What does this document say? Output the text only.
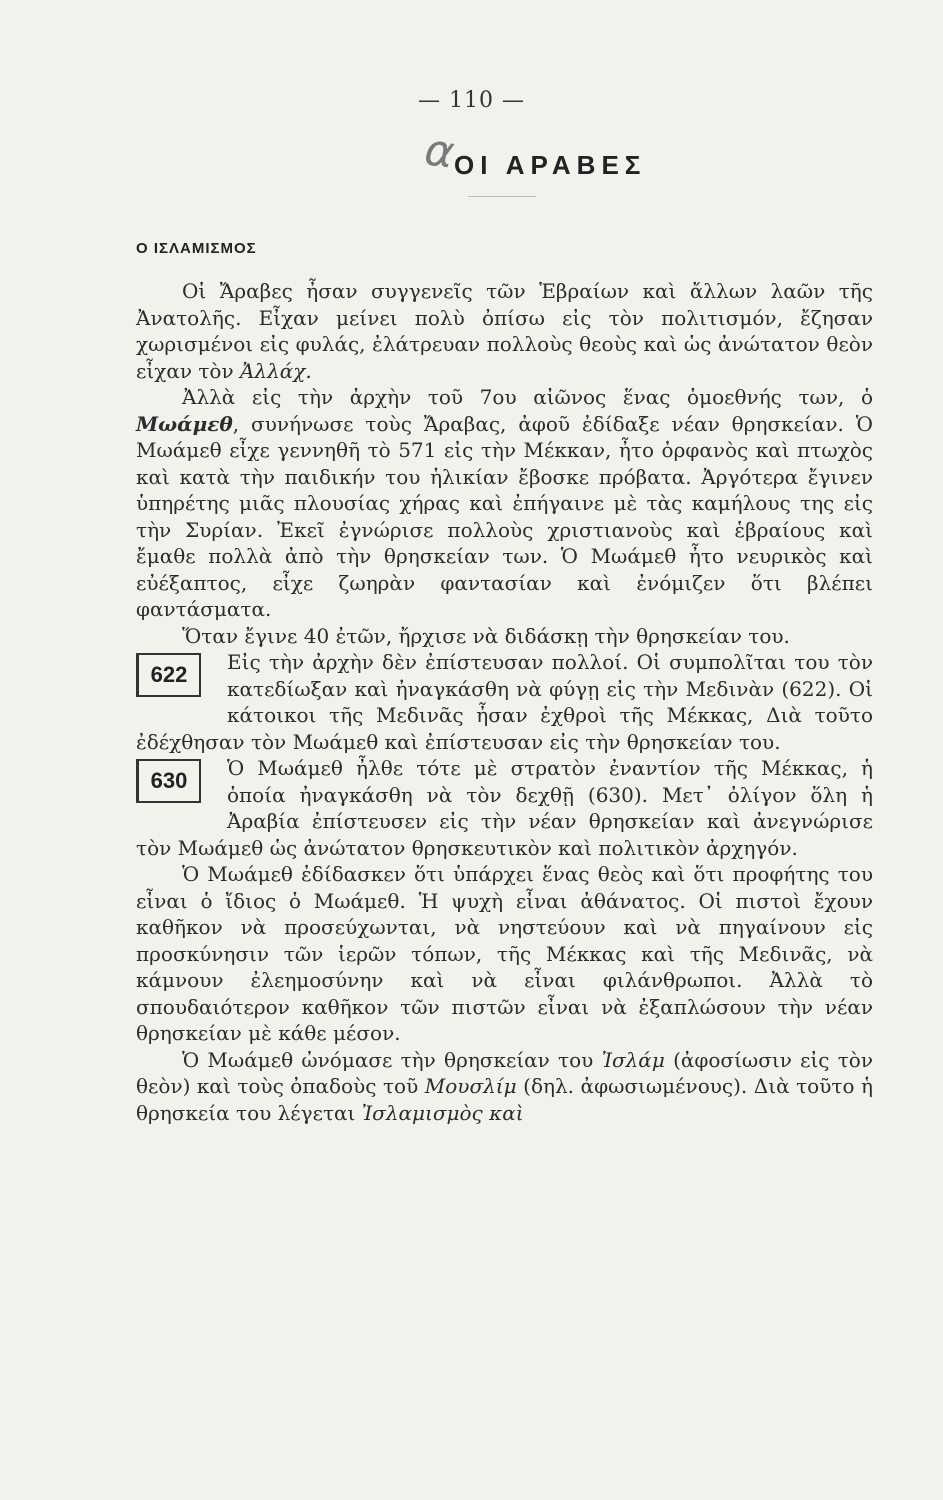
— 110 —
α
ΟΙ ΑΡΑΒΕΣ
Ο ΙΣΛΑΜΙΣΜΟΣ

Οἱ Ἄραβες ἦσαν συγγενεῖς τῶν Ἑβραίων καὶ ἄλλων λαῶν τῆς Ἀνατολῆς. Εἶχαν μείνει πολὺ ὀπίσω εἰς τὸν πολιτισμόν, ἔζησαν χωρισμένοι εἰς φυλάς, ἐλάτρευαν πολλοὺς θεοὺς καὶ ὡς ἀνώτατον θεὸν εἶχαν τὸν Ἀλλάχ.

Ἀλλὰ εἰς τὴν ἀρχὴν τοῦ 7ου αἰῶνος ἕνας ὁμοεθνής των, ὁ Μωάμεθ, συνήνωσε τοὺς Ἄραβας, ἀφοῦ ἐδίδαξε νέαν θρησκείαν. Ὁ Μωάμεθ εἶχε γεννηθῆ τὸ 571 εἰς τὴν Μέκκαν, ἦτο ὀρφανὸς καὶ πτωχὸς καὶ κατὰ τὴν παιδικήν του ἡλικίαν ἔβοσκε πρόβατα. Ἀργότερα ἔγινεν ὑπηρέτης μιᾶς πλουσίας χήρας καὶ ἐπήγαινε μὲ τὰς καμήλους της εἰς τὴν Συρίαν. Ἐκεῖ ἐγνώρισε πολλοὺς χριστιανοὺς καὶ ἑβραίους καὶ ἔμαθε πολλὰ ἀπὸ τὴν θρησκείαν των. Ὁ Μωάμεθ ἦτο νευρικὸς καὶ εὐέξαπτος, εἶχε ζωηρὰν φαντασίαν καὶ ἐνόμιζεν ὅτι βλέπει φαντάσματα.

Ὅταν ἔγινε 40 ἐτῶν, ἤρχισε νὰ διδάσκῃ τὴν θρησκείαν του.

622	Εἰς τὴν ἀρχὴν δὲν ἐπίστευσαν πολλοί. Οἱ συμπολῖται του τὸν κατεδίωξαν καὶ ἠναγκάσθη νὰ φύγῃ εἰς τὴν Μεδινὰν (622). Οἱ κάτοικοι τῆς Μεδινᾶς ἦσαν ἐχθροὶ τῆς Μέκκας, Διὰ τοῦτο ἐδέχθησαν τὸν Μωάμεθ καὶ ἐπίστευσαν εἰς τὴν θρησκείαν του.

630	Ὁ Μωάμεθ ἦλθε τότε μὲ στρατὸν ἐναντίον τῆς Μέκκας, ἡ ὁποία ἠναγκάσθη νὰ τὸν δεχθῇ (630). Μετ᾽ ὀλίγον ὅλη ἡ Ἀραβία ἐπίστευσεν εἰς τὴν νέαν θρησκείαν καὶ ἀνεγνώρισε τὸν Μωάμεθ ὡς ἀνώτατον θρησκευτικὸν καὶ πολιτικὸν ἀρχηγόν.

Ὁ Μωάμεθ ἐδίδασκεν ὅτι ὑπάρχει ἕνας θεὸς καὶ ὅτι προφήτης του εἶναι ὁ ἴδιος ὁ Μωάμεθ. Ἡ ψυχὴ εἶναι ἀθάνατος. Οἱ πιστοὶ ἔχουν καθῆκον νὰ προσεύχωνται, νὰ νηστεύουν καὶ νὰ πηγαίνουν εἰς προσκύνησιν τῶν ἱερῶν τόπων, τῆς Μέκκας καὶ τῆς Μεδινᾶς, νὰ κάμνουν ἐλεημοσύνην καὶ νὰ εἶναι φιλάνθρωποι. Ἀλλὰ τὸ σπουδαιότερον καθῆκον τῶν πιστῶν εἶναι νὰ ἐξαπλώσουν τὴν νέαν θρησκείαν μὲ κάθε μέσον.

Ὁ Μωάμεθ ὠνόμασε τὴν θρησκείαν του Ἰσλάμ (ἀφοσίωσιν εἰς τὸν θεὸν) καὶ τοὺς ὀπαδοὺς τοῦ Μουσλίμ (δηλ. ἀφωσιωμένους). Διὰ τοῦτο ἡ θρησκεία του λέγεται Ἰσλαμισμὸς καὶ
